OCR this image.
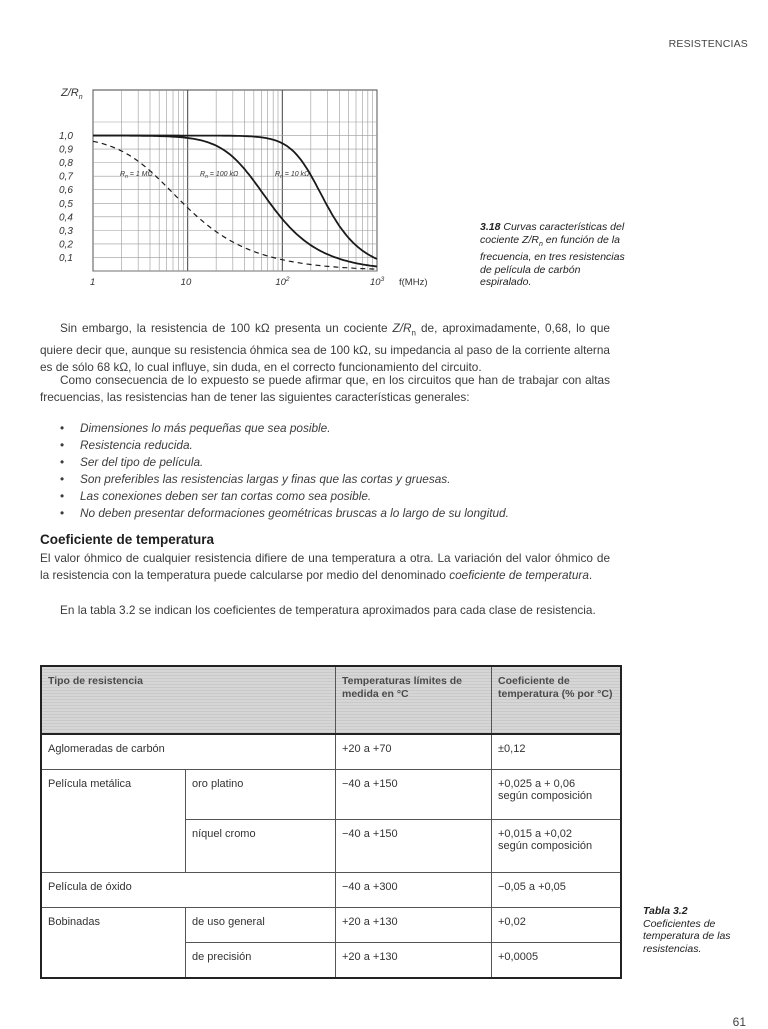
RESISTENCIAS
$Z/R_n$
1,0
0,9
0,8
0,7
0,6
0,5
0,4
0,3
0,2
0,1
1	10	$10^2$	$10^3$ f(MHz)
$R_n = 1$ MΩ	$R_n = 100$ kΩ	$R_n = 10$ kΩ
3.18 Curvas características del cociente $Z/R_n$ en función de la frecuencia, en tres resistencias de película de carbón espiralado.

Sin embargo, la resistencia de 100 kΩ presenta un cociente $Z/R_n$ de, aproximadamente, 0,68, lo que quiere decir que, aunque su resistencia óhmica sea de 100 kΩ, su impedancia al paso de la corriente alterna es de sólo 68 kΩ, lo cual influye, sin duda, en el correcto funcionamiento del circuito.

Como consecuencia de lo expuesto se puede afirmar que, en los circuitos que han de trabajar con altas frecuencias, las resistencias han de tener las siguientes características generales:

• Dimensiones lo más pequeñas que sea posible.
• Resistencia reducida.
• Ser del tipo de película.
• Son preferibles las resistencias largas y finas que las cortas y gruesas.
• Las conexiones deben ser tan cortas como sea posible.
• No deben presentar deformaciones geométricas bruscas a lo largo de su longitud.
Coeficiente de temperatura

El valor óhmico de cualquier resistencia difiere de una temperatura a otra. La variación del valor óhmico de la resistencia con la temperatura puede calcularse por medio del denominado coeficiente de temperatura.

En la tabla 3.2 se indican los coeficientes de temperatura aproximados para cada clase de resistencia.

Tipo de resistencia		Temperaturas límites de medida en °C	Coeficiente de temperatura (% por °C)
Aglomeradas de carbón		+20 a +70	±0,12
Película metálica	oro platino	−40 a +150	+0,025 a + 0,06
según composición

	níquel cromo	−40 a +150	+0,015 a +0,02
según composición

Película de óxido		−40 a +300	−0,05 a +0,05
Bobinadas	de uso general	+20 a +130	+0,02
	de precisión	+20 a +130	+0,0005
Tabla 3.2
Coeficientes de temperatura de las resistencias.
61
